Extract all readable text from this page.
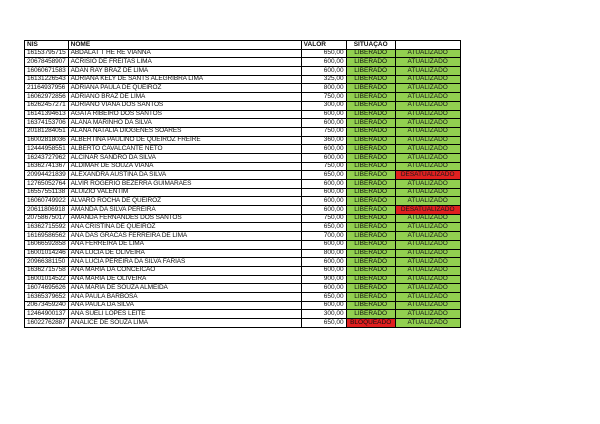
NIS	NOME	VALOR	SITUAÇÃO	
16153795715	ABDALAT T HE RE VIANNA	650,00	LIBERADO	ATUALIZADO
20678458907	ACRISIO DE FREITAS LIMA	600,00	LIBERADO	ATUALIZADO
16060671583	ADAN RAY BRAZ DE LIMA	600,00	LIBERADO	ATUALIZADO
16131226543	ADRIANA KELY DE SANTS ALEGRIBRA LIMA	325,00	LIBERADO	ATUALIZADO
21164937956	ADRIANA PAULA DE QUEIROZ	800,00	LIBERADO	ATUALIZADO
16062972856	ADRIANO BRAZ DE LIMA	750,00	LIBERADO	ATUALIZADO
16262457271	ADRIANO VIANA DOS SANTOS	300,00	LIBERADO	ATUALIZADO
16141394613	AGATA RIBEIRO DOS SANTOS	600,00	LIBERADO	ATUALIZADO
16374153706	ALANA MARINHO DA SILVA	600,00	LIBERADO	ATUALIZADO
20181284051	ALANA NATALIA DIOGENES SOARES	750,00	LIBERADO	ATUALIZADO
16002818036	ALBERTINA PAULINO DE QUEIROZ FREIRE	360,00	LIBERADO	ATUALIZADO
12444958551	ALBERTO CAVALCANTE NETO	600,00	LIBERADO	ATUALIZADO
16243727962	ALCINAR SANDRO DA SILVA	600,00	LIBERADO	ATUALIZADO
16362741367	ALDIMAR DE SOUZA VIANA	750,00	LIBERADO	ATUALIZADO
20994421839	ALEXANDRA AUSTINA DA SILVA	650,00	LIBERADO	DESATUALIZADO
12765052764	ALVIR ROGERIO BEZERRA GUIMARAES	600,00	LIBERADO	ATUALIZADO
16557551138	ALUIZIO VALENTIM	600,00	LIBERADO	ATUALIZADO
16060749922	ALVARO ROCHA DE QUEIROZ	600,00	LIBERADO	ATUALIZADO
20611806918	AMANDA DA SILVA PEREIRA	600,00	LIBERADO	DESATUALIZADO
20758675017	AMANDA FERNANDES DOS SANTOS	750,00	LIBERADO	ATUALIZADO
16362715592	ANA CRISTINA DE QUEIROZ	650,00	LIBERADO	ATUALIZADO
16169586562	ANA DAS GRACAS FERREIRA DE LIMA	700,00	LIBERADO	ATUALIZADO
16066592858	ANA FERREIRA DE LIMA	600,00	LIBERADO	ATUALIZADO
16001014246	ANA LUCIA DE OLIVEIRA	800,00	LIBERADO	ATUALIZADO
20966381150	ANA LUCIA PEREIRA DA SILVA FARIAS	600,00	LIBERADO	ATUALIZADO
16362715758	ANA MARIA DA CONCEICAO	600,00	LIBERADO	ATUALIZADO
16001014522	ANA MARIA DE OLIVEIRA	900,00	LIBERADO	ATUALIZADO
16074695626	ANA MARIA DE SOUZA ALMEIDA	600,00	LIBERADO	ATUALIZADO
16365379652	ANA PAULA BARBOSA	650,00	LIBERADO	ATUALIZADO
20673459240	ANA PAULA DA SILVA	600,00	LIBERADO	ATUALIZADO
12464900137	ANA SUELI LOPES LEITE	300,00	LIBERADO	ATUALIZADO
16022762887	ANALICE DE SOUZA LIMA	650,00	BLOQUEADO	ATUALIZADO
